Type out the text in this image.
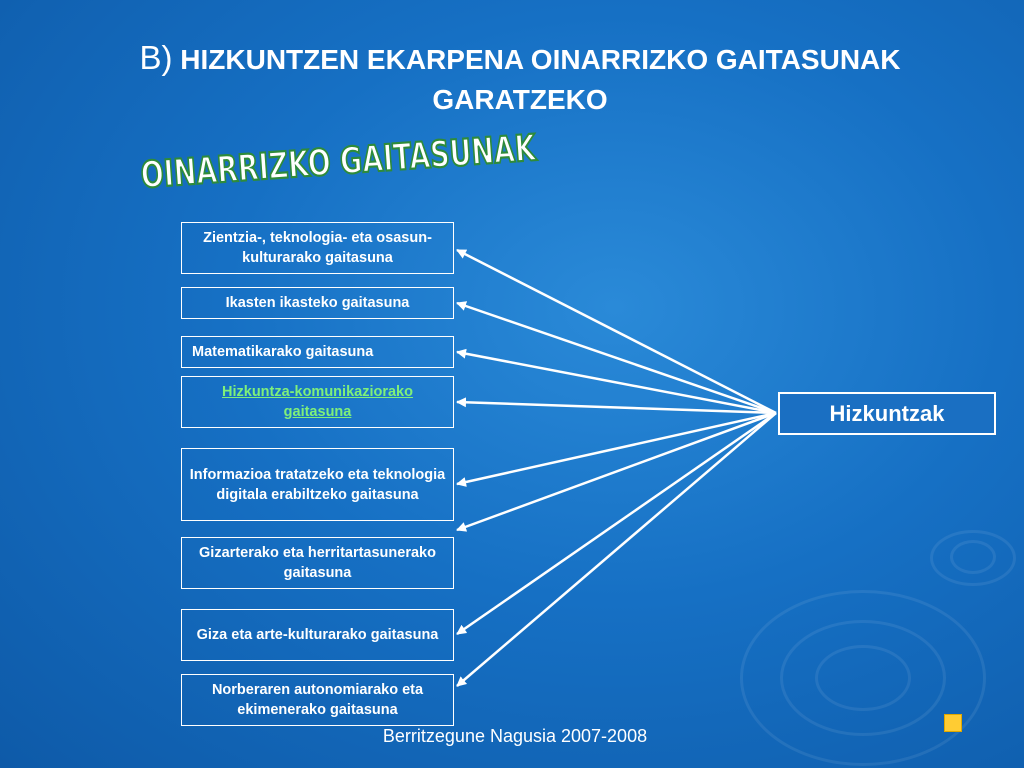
B) HIZKUNTZEN EKARPENA OINARRIZKO GAITASUNAK GARATZEKO
OINARRIZKO GAITASUNAK
Zientzia-, teknologia- eta osasun-kulturarako gaitasuna
Ikasten ikasteko gaitasuna
Matematikarako gaitasuna
Hizkuntza-komunikaziorako gaitasuna
Informazioa tratatzeko eta teknologia digitala erabiltzeko gaitasuna
Gizarterako eta herritartasunerako gaitasuna
Giza eta arte-kulturarako gaitasuna
Norberaren autonomiarako eta ekimenerako gaitasuna
Hizkuntzak
Berritzegune Nagusia 2007-2008
